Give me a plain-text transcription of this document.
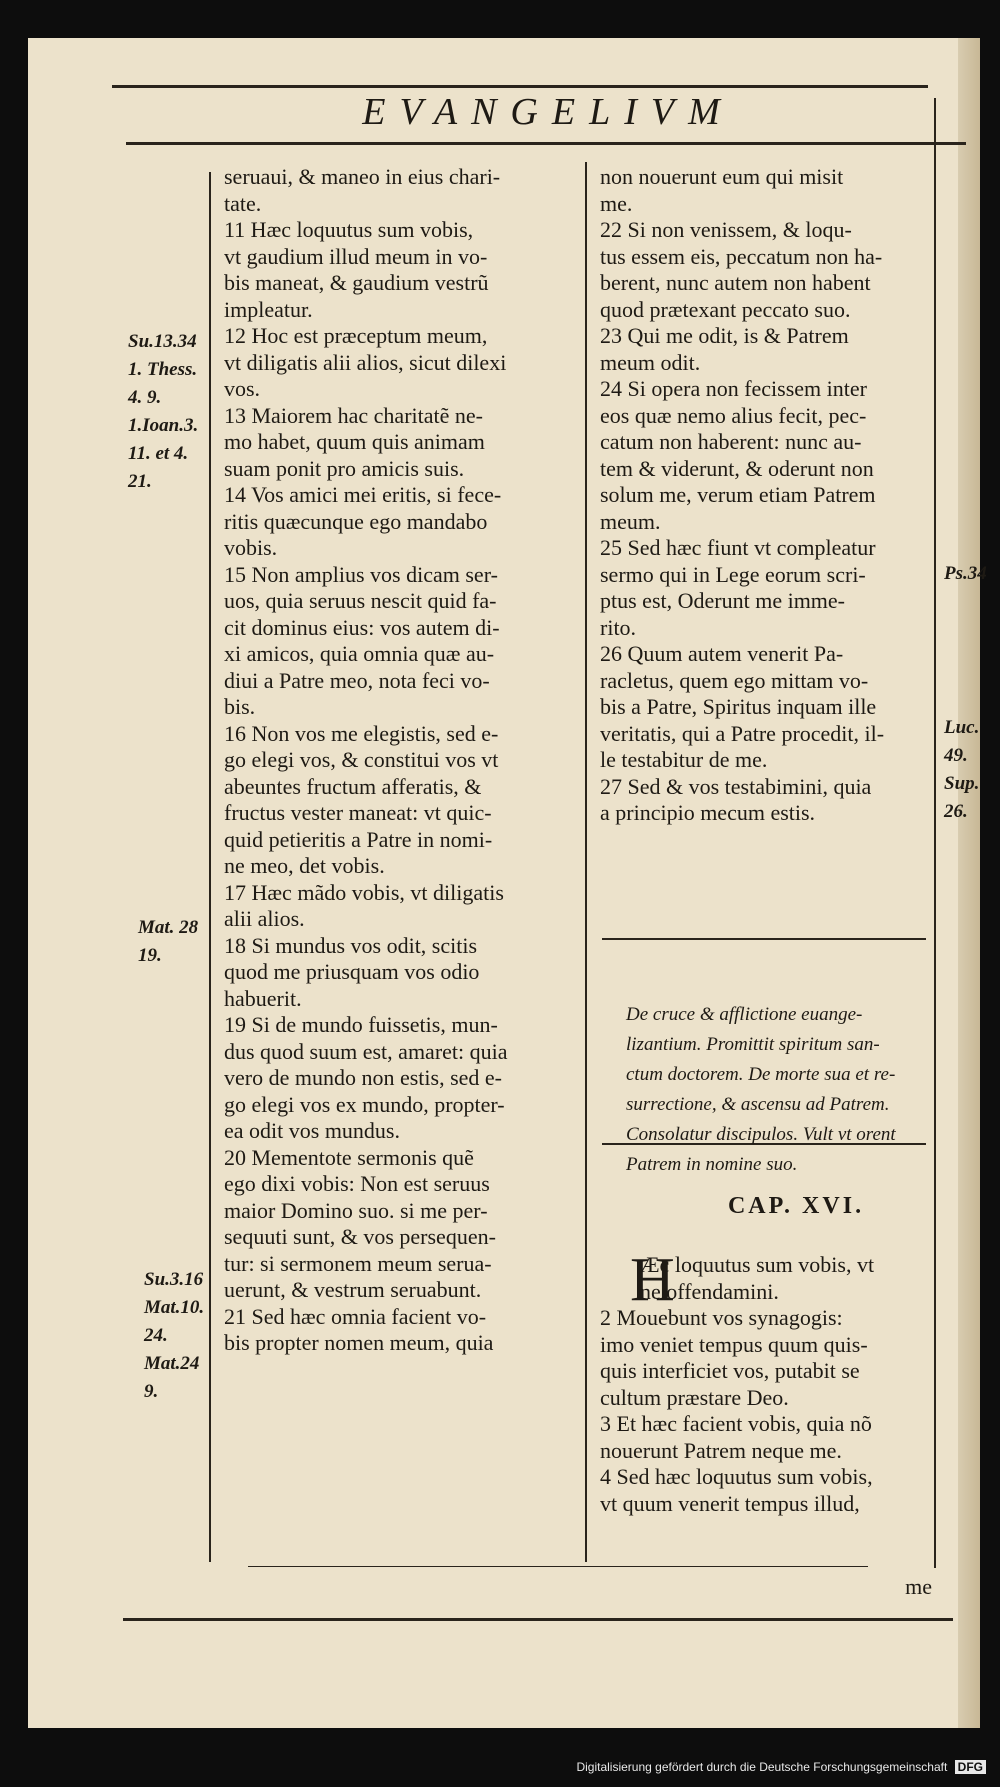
EVANGELIVM
Su.13.34
1. Thess.
4. 9.
1.Ioan.3.
11. et 4.
21.
Mat. 28
19.
Su.3.16
Mat.10.
24.
Mat.24
9.
Ps.34
Luc.
49.
Sup.
26.
seruaui, & maneo in eius chari-
tate.
11 Hæc loquutus sum vobis,
vt gaudium illud meum in vo-
bis maneat, & gaudium vestrũ
impleatur.
12 Hoc est præceptum meum,
vt diligatis alii alios, sicut dilexi
vos.
13 Maiorem hac charitatẽ ne-
mo habet, quum quis animam
suam ponit pro amicis suis.
14 Vos amici mei eritis, si fece-
ritis quæcunque ego mandabo
vobis.
15 Non amplius vos dicam ser-
uos, quia seruus nescit quid fa-
cit dominus eius: vos autem di-
xi amicos, quia omnia quæ au-
diui a Patre meo, nota feci vo-
bis.
16 Non vos me elegistis, sed e-
go elegi vos, & constitui vos vt
abeuntes fructum afferatis, &
fructus vester maneat: vt quic-
quid petieritis a Patre in nomi-
ne meo, det vobis.
17 Hæc mãdo vobis, vt diligatis
alii alios.
18 Si mundus vos odit, scitis
quod me priusquam vos odio
habuerit.
19 Si de mundo fuissetis, mun-
dus quod suum est, amaret: quia
vero de mundo non estis, sed e-
go elegi vos ex mundo, propter-
ea odit vos mundus.
20 Mementote sermonis quẽ
ego dixi vobis: Non est seruus
maior Domino suo. si me per-
sequuti sunt, & vos persequen-
tur: si sermonem meum serua-
uerunt, & vestrum seruabunt.
21 Sed hæc omnia facient vo-
bis propter nomen meum, quia
non nouerunt eum qui misit
me.
22 Si non venissem, & loqu-
tus essem eis, peccatum non ha-
berent, nunc autem non habent
quod prætexant peccato suo.
23 Qui me odit, is & Patrem
meum odit.
24 Si opera non fecissem inter
eos quæ nemo alius fecit, pec-
catum non haberent: nunc au-
tem & viderunt, & oderunt non
solum me, verum etiam Patrem
meum.
25 Sed hæc fiunt vt compleatur
sermo qui in Lege eorum scri-
ptus est, Oderunt me imme-
rito.
26 Quum autem venerit Pa-
racletus, quem ego mittam vo-
bis a Patre, Spiritus inquam ille
veritatis, qui a Patre procedit, il-
le testabitur de me.
27 Sed & vos testabimini, quia
a principio mecum estis.
De cruce & afflictione euange-
lizantium. Promittit spiritum san-
ctum doctorem. De morte sua et re-
surrectione, & ascensu ad Patrem.
Consolatur discipulos. Vult vt orent
Patrem in nomine suo.
CAP. XVI.
H
Æc loquutus sum vobis, vt
ne offendamini.
2 Mouebunt vos synagogis:
imo veniet tempus quum quis-
quis interficiet vos, putabit se
cultum præstare Deo.
3 Et hæc facient vobis, quia nõ
nouerunt Patrem neque me.
4 Sed hæc loquutus sum vobis,
vt quum venerit tempus illud,
me
Digitalisierung gefördert durch die Deutsche Forschungsgemeinschaft DFG
